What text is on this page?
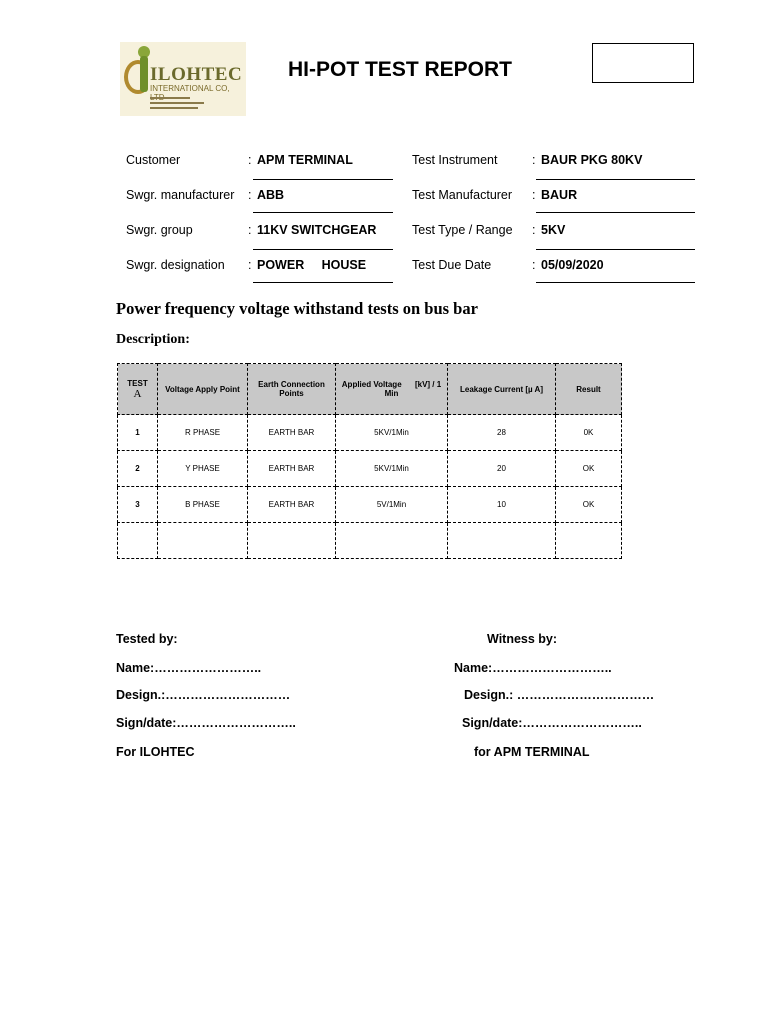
ILOHTEC
INTERNATIONAL CO,
HI-POT TEST REPORT
Customer	: APM TERMINAL
Swgr. manufacturer : ABB
Swgr. group	: 11KV SWITCHGEAR
Swgr. designation : POWER     HOUSE
Test Instrument	: BAUR PKG 80KV
Test Manufacturer : BAUR
Test Type / Range : 5KV
Test Due Date	: 05/09/2020
Power frequency voltage withstand tests on bus bar
Description:
TEST
A	Voltage Apply Point	Earth Connection Points	Applied Voltage      [kV] / 1 Min	Leakage Current [µ A]	Result
1	R PHASE	EARTH BAR	5KV/1Min	28	0K
2	Y PHASE	EARTH BAR	5KV/1Min	20	OK
3	B PHASE	EARTH BAR	5V/1Min	10	OK

Tested by:	Witness by:
Name:……………………..	Name:………………………..
Design.:…………………………	Design.: ……………………………
Sign/date:………………………..	Sign/date:………………………..
For ILOHTEC	for APM TERMINAL
